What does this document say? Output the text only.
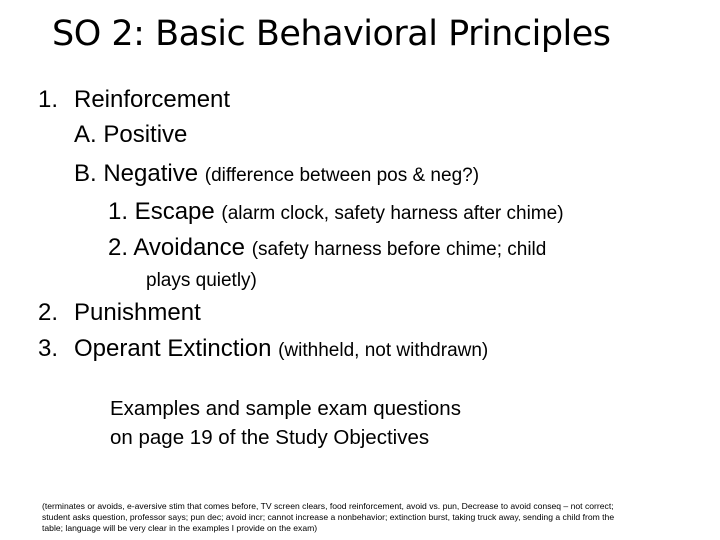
SO 2: Basic Behavioral Principles
1. Reinforcement
A. Positive
B. Negative (difference between pos & neg?)
1. Escape (alarm clock, safety harness after chime)
2. Avoidance (safety harness before chime; child
plays quietly)
2. Punishment
3. Operant Extinction (withheld, not withdrawn)
Examples and sample exam questions
on page 19 of the Study Objectives
(terminates or avoids, e-aversive stim that comes before, TV screen clears, food reinforcement, avoid vs. pun, Decrease to avoid conseq – not correct;
student asks question, professor says; pun dec; avoid incr; cannot increase a nonbehavior; extinction burst, taking truck away, sending a child from the
table; language will be very clear in the examples I provide on the exam)
